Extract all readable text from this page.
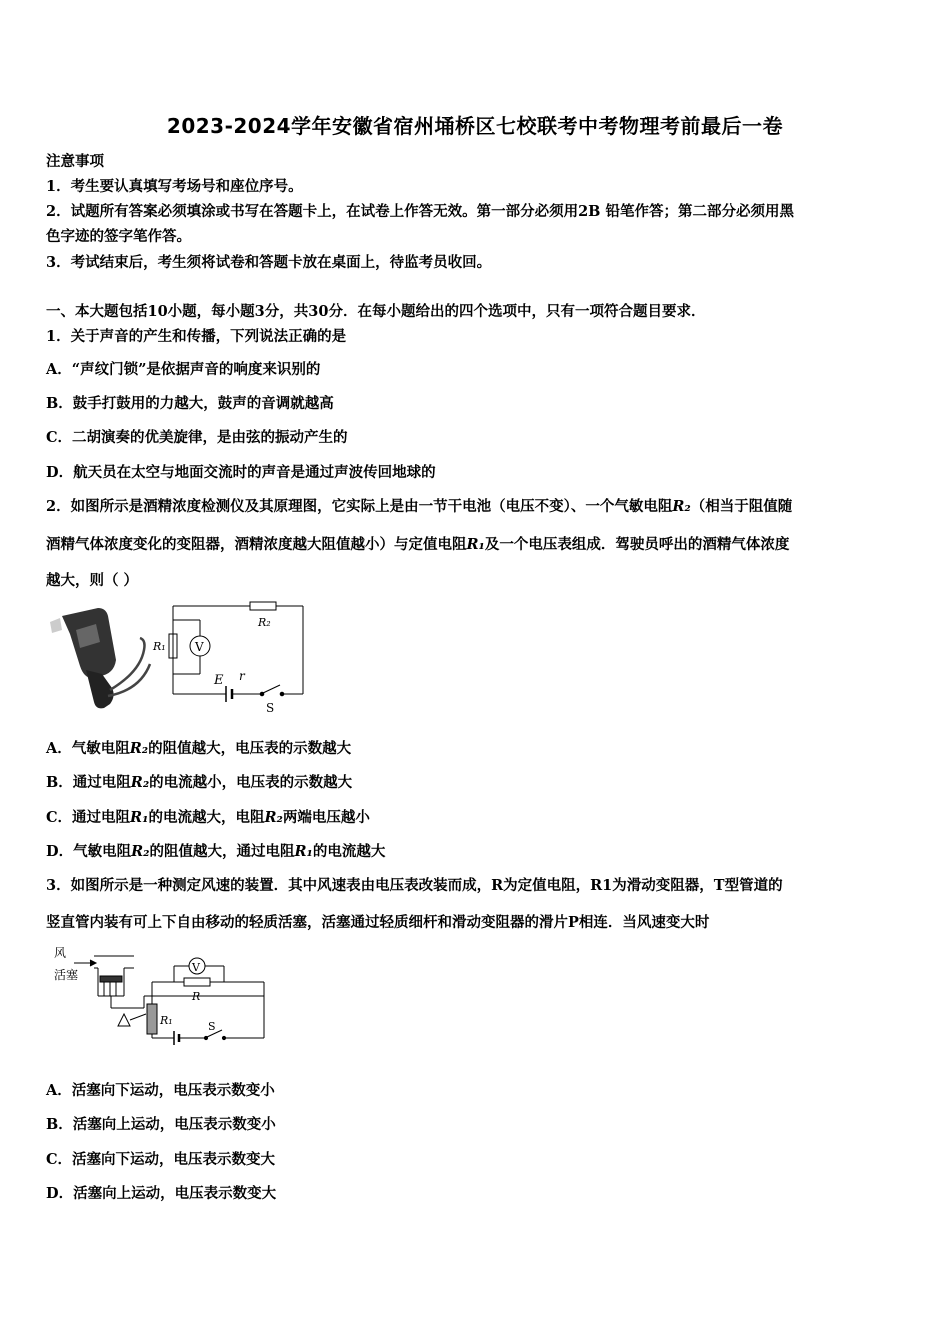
2023-2024学年安徽省宿州埇桥区七校联考中考物理考前最后一卷
注意事项
1．考生要认真填写考场号和座位序号。
2．试题所有答案必须填涂或书写在答题卡上，在试卷上作答无效。第一部分必须用2B 铅笔作答；第二部分必须用黑
色字迹的签字笔作答。
3．考试结束后，考生须将试卷和答题卡放在桌面上，待监考员收回。
一、本大题包括10小题，每小题3分，共30分．在每小题给出的四个选项中，只有一项符合题目要求．
1．关于声音的产生和传播，下列说法正确的是
A．“声纹门锁”是依据声音的响度来识别的
B．鼓手打鼓用的力越大，鼓声的音调就越高
C．二胡演奏的优美旋律，是由弦的振动产生的
D．航天员在太空与地面交流时的声音是通过声波传回地球的
2．如图所示是酒精浓度检测仪及其原理图，它实际上是由一节干电池（电压不变）、一个气敏电阻R₂（相当于阻值随
酒精气体浓度变化的变阻器，酒精浓度越大阻值越小）与定值电阻R₁及一个电压表组成．驾驶员呼出的酒精气体浓度
越大，则（ ）
R₂
R₁ V
E r
S
A．气敏电阻R₂的阻值越大，电压表的示数越大
B．通过电阻R₂的电流越小，电压表的示数越大
C．通过电阻R₁的电流越大，电阻R₂两端电压越小
D．气敏电阻R₂的阻值越大，通过电阻R₁的电流越大
3．如图所示是一种测定风速的装置．其中风速表由电压表改装而成，R为定值电阻，R1为滑动变阻器，T型管道的
竖直管内装有可上下自由移动的轻质活塞，活塞通过轻质细杆和滑动变阻器的滑片P相连．当风速变大时
风
活塞
V
R
R₁	S
A．活塞向下运动，电压表示数变小
B．活塞向上运动，电压表示数变小
C．活塞向下运动，电压表示数变大
D．活塞向上运动，电压表示数变大
